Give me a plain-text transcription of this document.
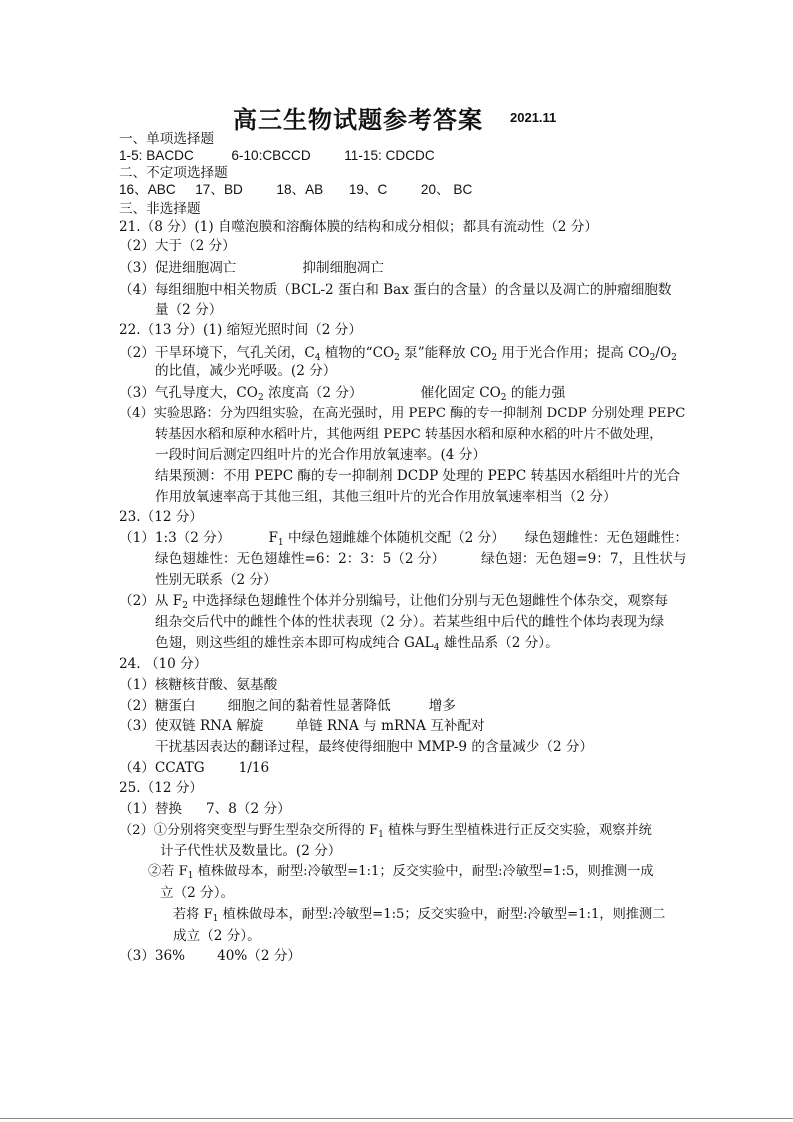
高三生物试题参考答案 2021.11
一、单项选择题
1-5: BACDC	6-10:CBCCD 11-15: CDCDC
二、不定项选择题
16、ABC 17、BD 18、AB 19、C 20、 BC
三、非选择题
21.（8 分）(1) 自噬泡膜和溶酶体膜的结构和成分相似；都具有流动性（2 分）
（2）大于（2 分）
（3）促进细胞凋亡	抑制细胞凋亡
（4）每组细胞中相关物质（BCL-2 蛋白和 Bax 蛋白的含量）的含量以及凋亡的肿瘤细胞数
量（2 分）
22.（13 分）(1) 缩短光照时间（2 分）
（2）干旱环境下，气孔关闭，$C_4$ 植物的“$CO_2$ 泵”能释放 $CO_2$ 用于光合作用；提高 $CO_2/O_2$
的比值，减少光呼吸。(2 分）
（3）气孔导度大，$CO_2$ 浓度高（2 分）	催化固定 $CO_2$ 的能力强
（4）实验思路：分为四组实验，在高光强时，用 PEPC 酶的专一抑制剂 DCDP 分别处理 PEPC
转基因水稻和原种水稻叶片，其他两组 PEPC 转基因水稻和原种水稻的叶片不做处理，
一段时间后测定四组叶片的光合作用放氧速率。(4 分）
结果预测：不用 PEPC 酶的专一抑制剂 DCDP 处理的 PEPC 转基因水稻组叶片的光合
作用放氧速率高于其他三组，其他三组叶片的光合作用放氧速率相当（2 分）
23.（12 分）
（1）1:3（2 分）	$F_1$ 中绿色翅雌雄个体随机交配（2 分） 绿色翅雌性：无色翅雌性：
绿色翅雄性：无色翅雄性=6：2：3：5（2 分）	绿色翅：无色翅=9：7，且性状与
性别无联系（2 分）
（2）从 $F_2$ 中选择绿色翅雌性个体并分别编号，让他们分别与无色翅雌性个体杂交，观察每
组杂交后代中的雌性个体的性状表现（2 分）。若某些组中后代的雌性个体均表现为绿
色翅，则这些组的雄性亲本即可构成纯合 $GAL_4$ 雄性品系（2 分）。
24. （10 分）
（1）核糖核苷酸、氨基酸
（2）糖蛋白 细胞之间的黏着性显著降低	增多
（3）使双链 RNA 解旋 单链 RNA 与 mRNA 互补配对
干扰基因表达的翻译过程，最终使得细胞中 MMP-9 的含量减少（2 分）
（4）CCATG	1/16
25.（12 分）
（1）替换 7、8（2 分）
（2）①分别将突变型与野生型杂交所得的 $F_1$ 植株与野生型植株进行正反交实验，观察并统
计子代性状及数量比。(2 分）
②若 $F_1$ 植株做母本，耐型:冷敏型=1:1；反交实验中，耐型:冷敏型=1:5，则推测一成
立（2 分）。
若将 $F_1$ 植株做母本，耐型:冷敏型=1:5；反交实验中，耐型:冷敏型=1:1，则推测二
成立（2 分）。
（3）36% 40%（2 分）
